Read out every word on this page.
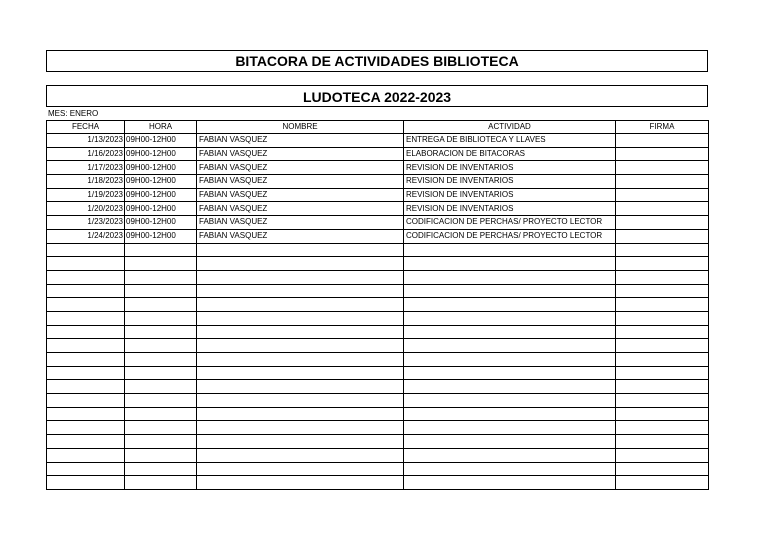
BITACORA DE ACTIVIDADES BIBLIOTECA
LUDOTECA 2022-2023
MES: ENERO
FECHA	HORA	NOMBRE	ACTIVIDAD	FIRMA
1/13/2023	09H00-12H00	FABIAN VASQUEZ	ENTREGA DE BIBLIOTECA Y LLAVES	
1/16/2023	09H00-12H00	FABIAN VASQUEZ	ELABORACION DE BITACORAS	
1/17/2023	09H00-12H00	FABIAN VASQUEZ	REVISION DE INVENTARIOS	
1/18/2023	09H00-12H00	FABIAN VASQUEZ	REVISION DE INVENTARIOS	
1/19/2023	09H00-12H00	FABIAN VASQUEZ	REVISION DE INVENTARIOS	
1/20/2023	09H00-12H00	FABIAN VASQUEZ	REVISION DE INVENTARIOS	
1/23/2023	09H00-12H00	FABIAN VASQUEZ	CODIFICACION DE PERCHAS/ PROYECTO LECTOR	
1/24/2023	09H00-12H00	FABIAN VASQUEZ	CODIFICACION DE PERCHAS/ PROYECTO LECTOR	
